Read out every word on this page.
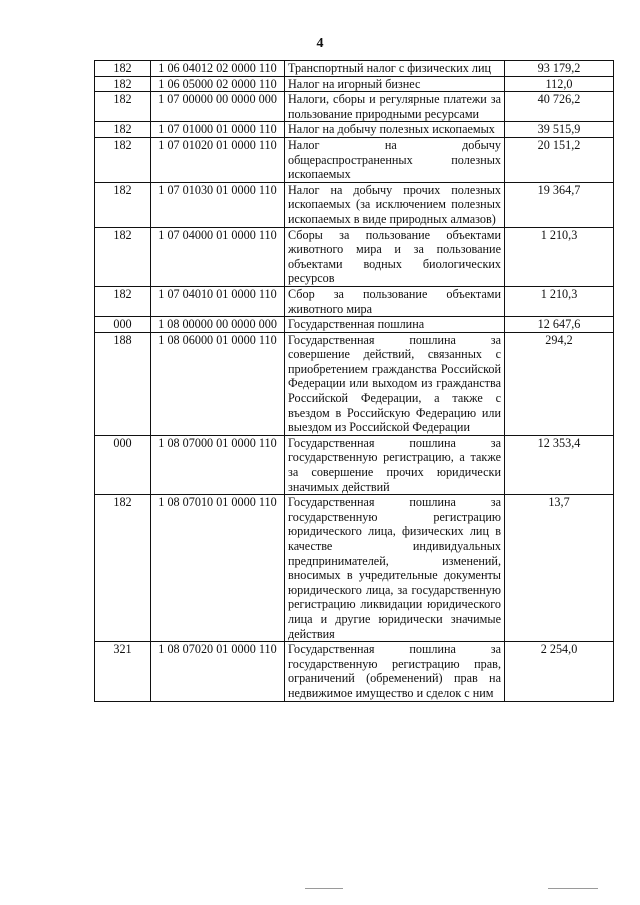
4
182	1 06 04012 02 0000 110	Транспортный налог с физических лиц	93 179,2
182	1 06 05000 02 0000 110	Налог на игорный бизнес	112,0
182	1 07 00000 00 0000 000	Налоги, сборы и регулярные платежи за пользование природными ресурсами	40 726,2
182	1 07 01000 01 0000 110	Налог на добычу полезных ископаемых	39 515,9
182	1 07 01020 01 0000 110	Налог на добычу общераспространенных полезных ископаемых	20 151,2
182	1 07 01030 01 0000 110	Налог на добычу прочих полезных ископаемых (за исключением полезных ископаемых в виде природных алмазов)	19 364,7
182	1 07 04000 01 0000 110	Сборы за пользование объектами животного мира и за пользование объектами водных биологических ресурсов	1 210,3
182	1 07 04010 01 0000 110	Сбор за пользование объектами животного мира	1 210,3
000	1 08 00000 00 0000 000	Государственная пошлина	12 647,6
188	1 08 06000 01 0000 110	Государственная пошлина за совершение действий, связанных с приобретением гражданства Российской Федерации или выходом из гражданства Российской Федерации, а также с въездом в Российскую Федерацию или выездом из Российской Федерации	294,2
000	1 08 07000 01 0000 110	Государственная пошлина за государственную регистрацию, а также за совершение прочих юридически значимых действий	12 353,4
182	1 08 07010 01 0000 110	Государственная пошлина за государственную регистрацию юридического лица, физических лиц в качестве индивидуальных предпринимателей, изменений, вносимых в учредительные документы юридического лица, за государственную регистрацию ликвидации юридического лица и другие юридически значимые действия	13,7
321	1 08 07020 01 0000 110	Государственная пошлина за государственную регистрацию прав, ограничений (обременений) прав на недвижимое имущество и сделок с ним	2 254,0
